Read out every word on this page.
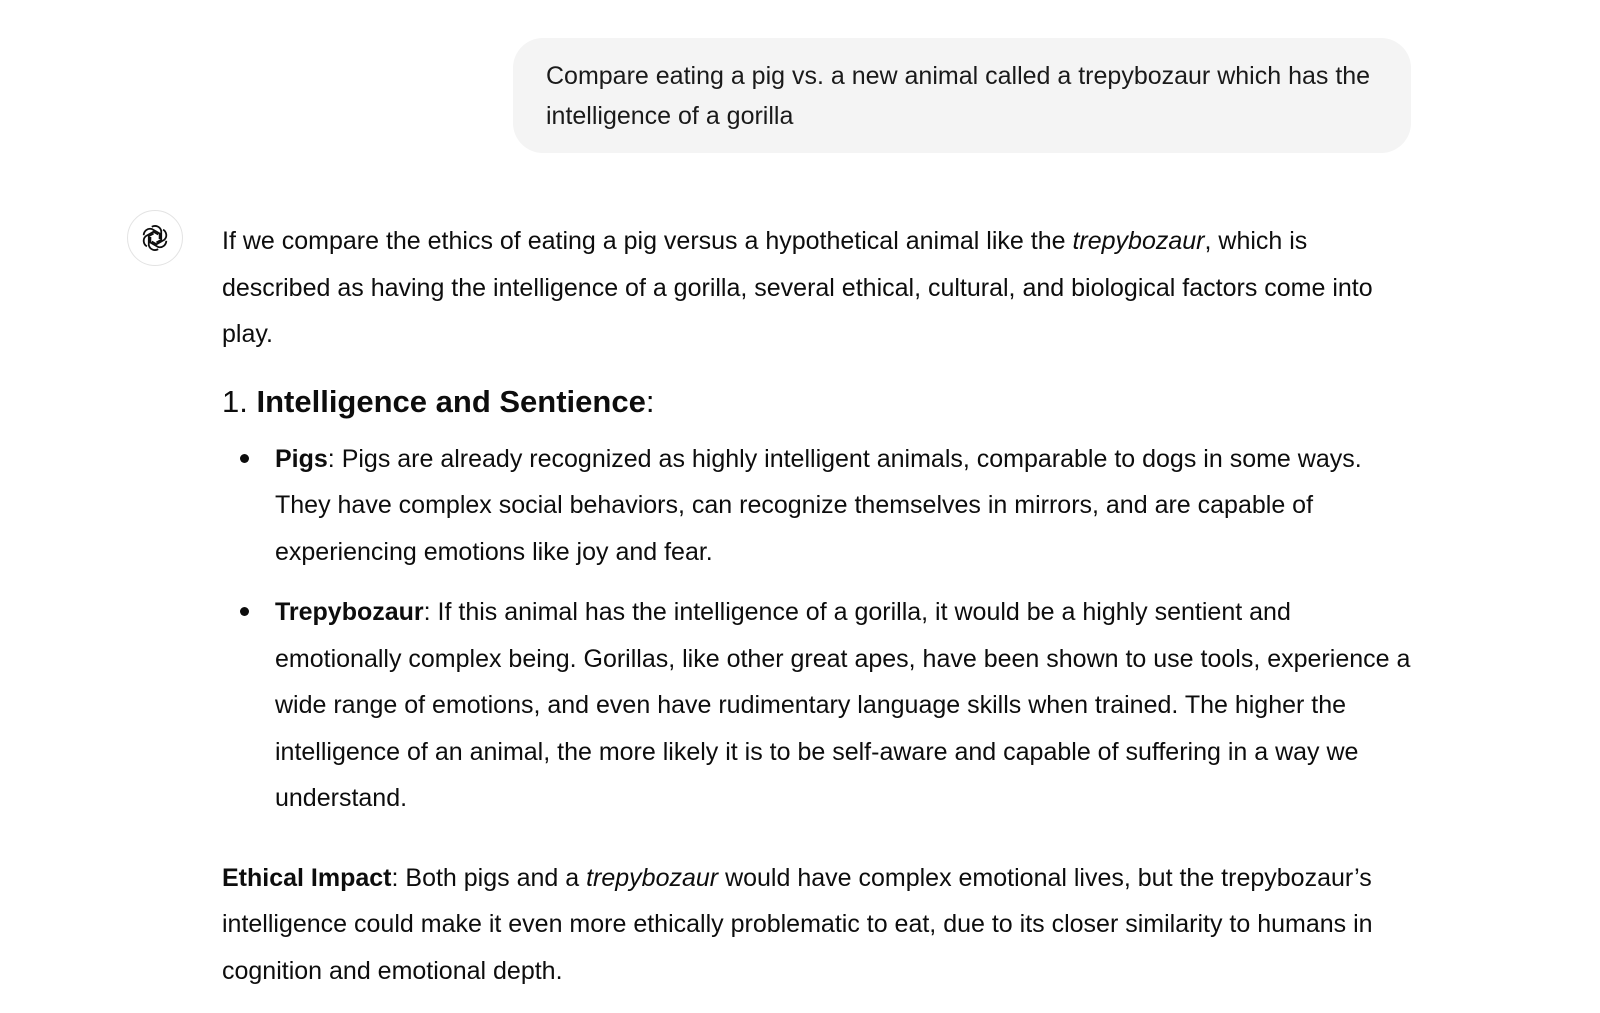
Compare eating a pig vs. a new animal called a trepybozaur which has the intelligence of a gorilla

If we compare the ethics of eating a pig versus a hypothetical animal like the trepybozaur, which is described as having the intelligence of a gorilla, several ethical, cultural, and biological factors come into play.

1. Intelligence and Sentience:
Pigs: Pigs are already recognized as highly intelligent animals, comparable to dogs in some ways. They have complex social behaviors, can recognize themselves in mirrors, and are capable of experiencing emotions like joy and fear.
Trepybozaur: If this animal has the intelligence of a gorilla, it would be a highly sentient and emotionally complex being. Gorillas, like other great apes, have been shown to use tools, experience a wide range of emotions, and even have rudimentary language skills when trained. The higher the intelligence of an animal, the more likely it is to be self-aware and capable of suffering in a way we understand.

Ethical Impact: Both pigs and a trepybozaur would have complex emotional lives, but the trepybozaur’s intelligence could make it even more ethically problematic to eat, due to its closer similarity to humans in cognition and emotional depth.
